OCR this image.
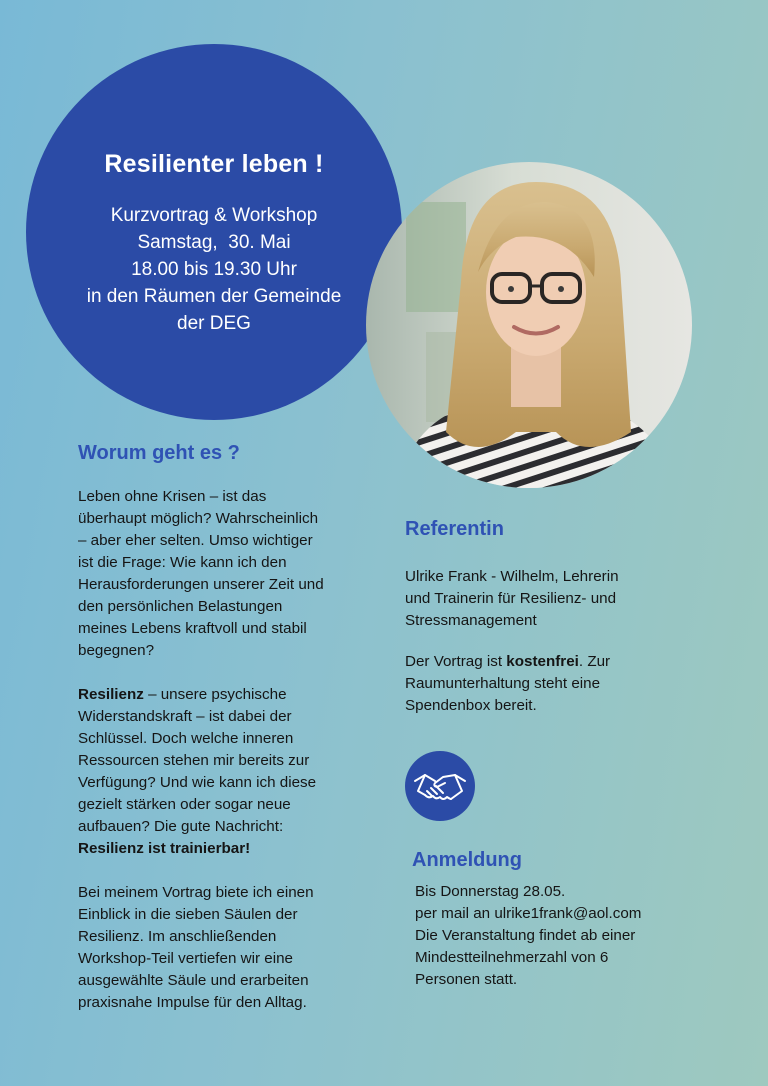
Resilienter leben !
Kurzvortrag & Workshop
Samstag,  30. Mai
18.00 bis 19.30 Uhr
in den Räumen der Gemeinde
der DEG
Worum geht es ?

Leben ohne Krisen – ist das

überhaupt möglich? Wahrscheinlich

– aber eher selten. Umso wichtiger

ist die Frage: Wie kann ich den

Herausforderungen unserer Zeit und

den persönlichen Belastungen

meines Lebens kraftvoll und stabil

begegnen?

Resilienz – unsere psychische

Widerstandskraft – ist dabei der

Schlüssel. Doch welche inneren

Ressourcen stehen mir bereits zur

Verfügung? Und wie kann ich diese

gezielt stärken oder sogar neue

aufbauen? Die gute Nachricht:

Resilienz ist trainierbar!

Bei meinem Vortrag biete ich einen

Einblick in die sieben Säulen der

Resilienz. Im anschließenden

Workshop-Teil vertiefen wir eine

ausgewählte Säule und erarbeiten

praxisnahe Impulse für den Alltag.

Referentin

Ulrike Frank - Wilhelm, Lehrerin

und Trainerin für Resilienz- und

Stressmanagement

Der Vortrag ist kostenfrei. Zur

Raumunterhaltung steht eine

Spendenbox bereit.

Anmeldung

Bis Donnerstag 28.05.

per mail an ulrike1frank@aol.com

Die Veranstaltung findet ab einer

Mindestteilnehmerzahl von 6

Personen statt.
